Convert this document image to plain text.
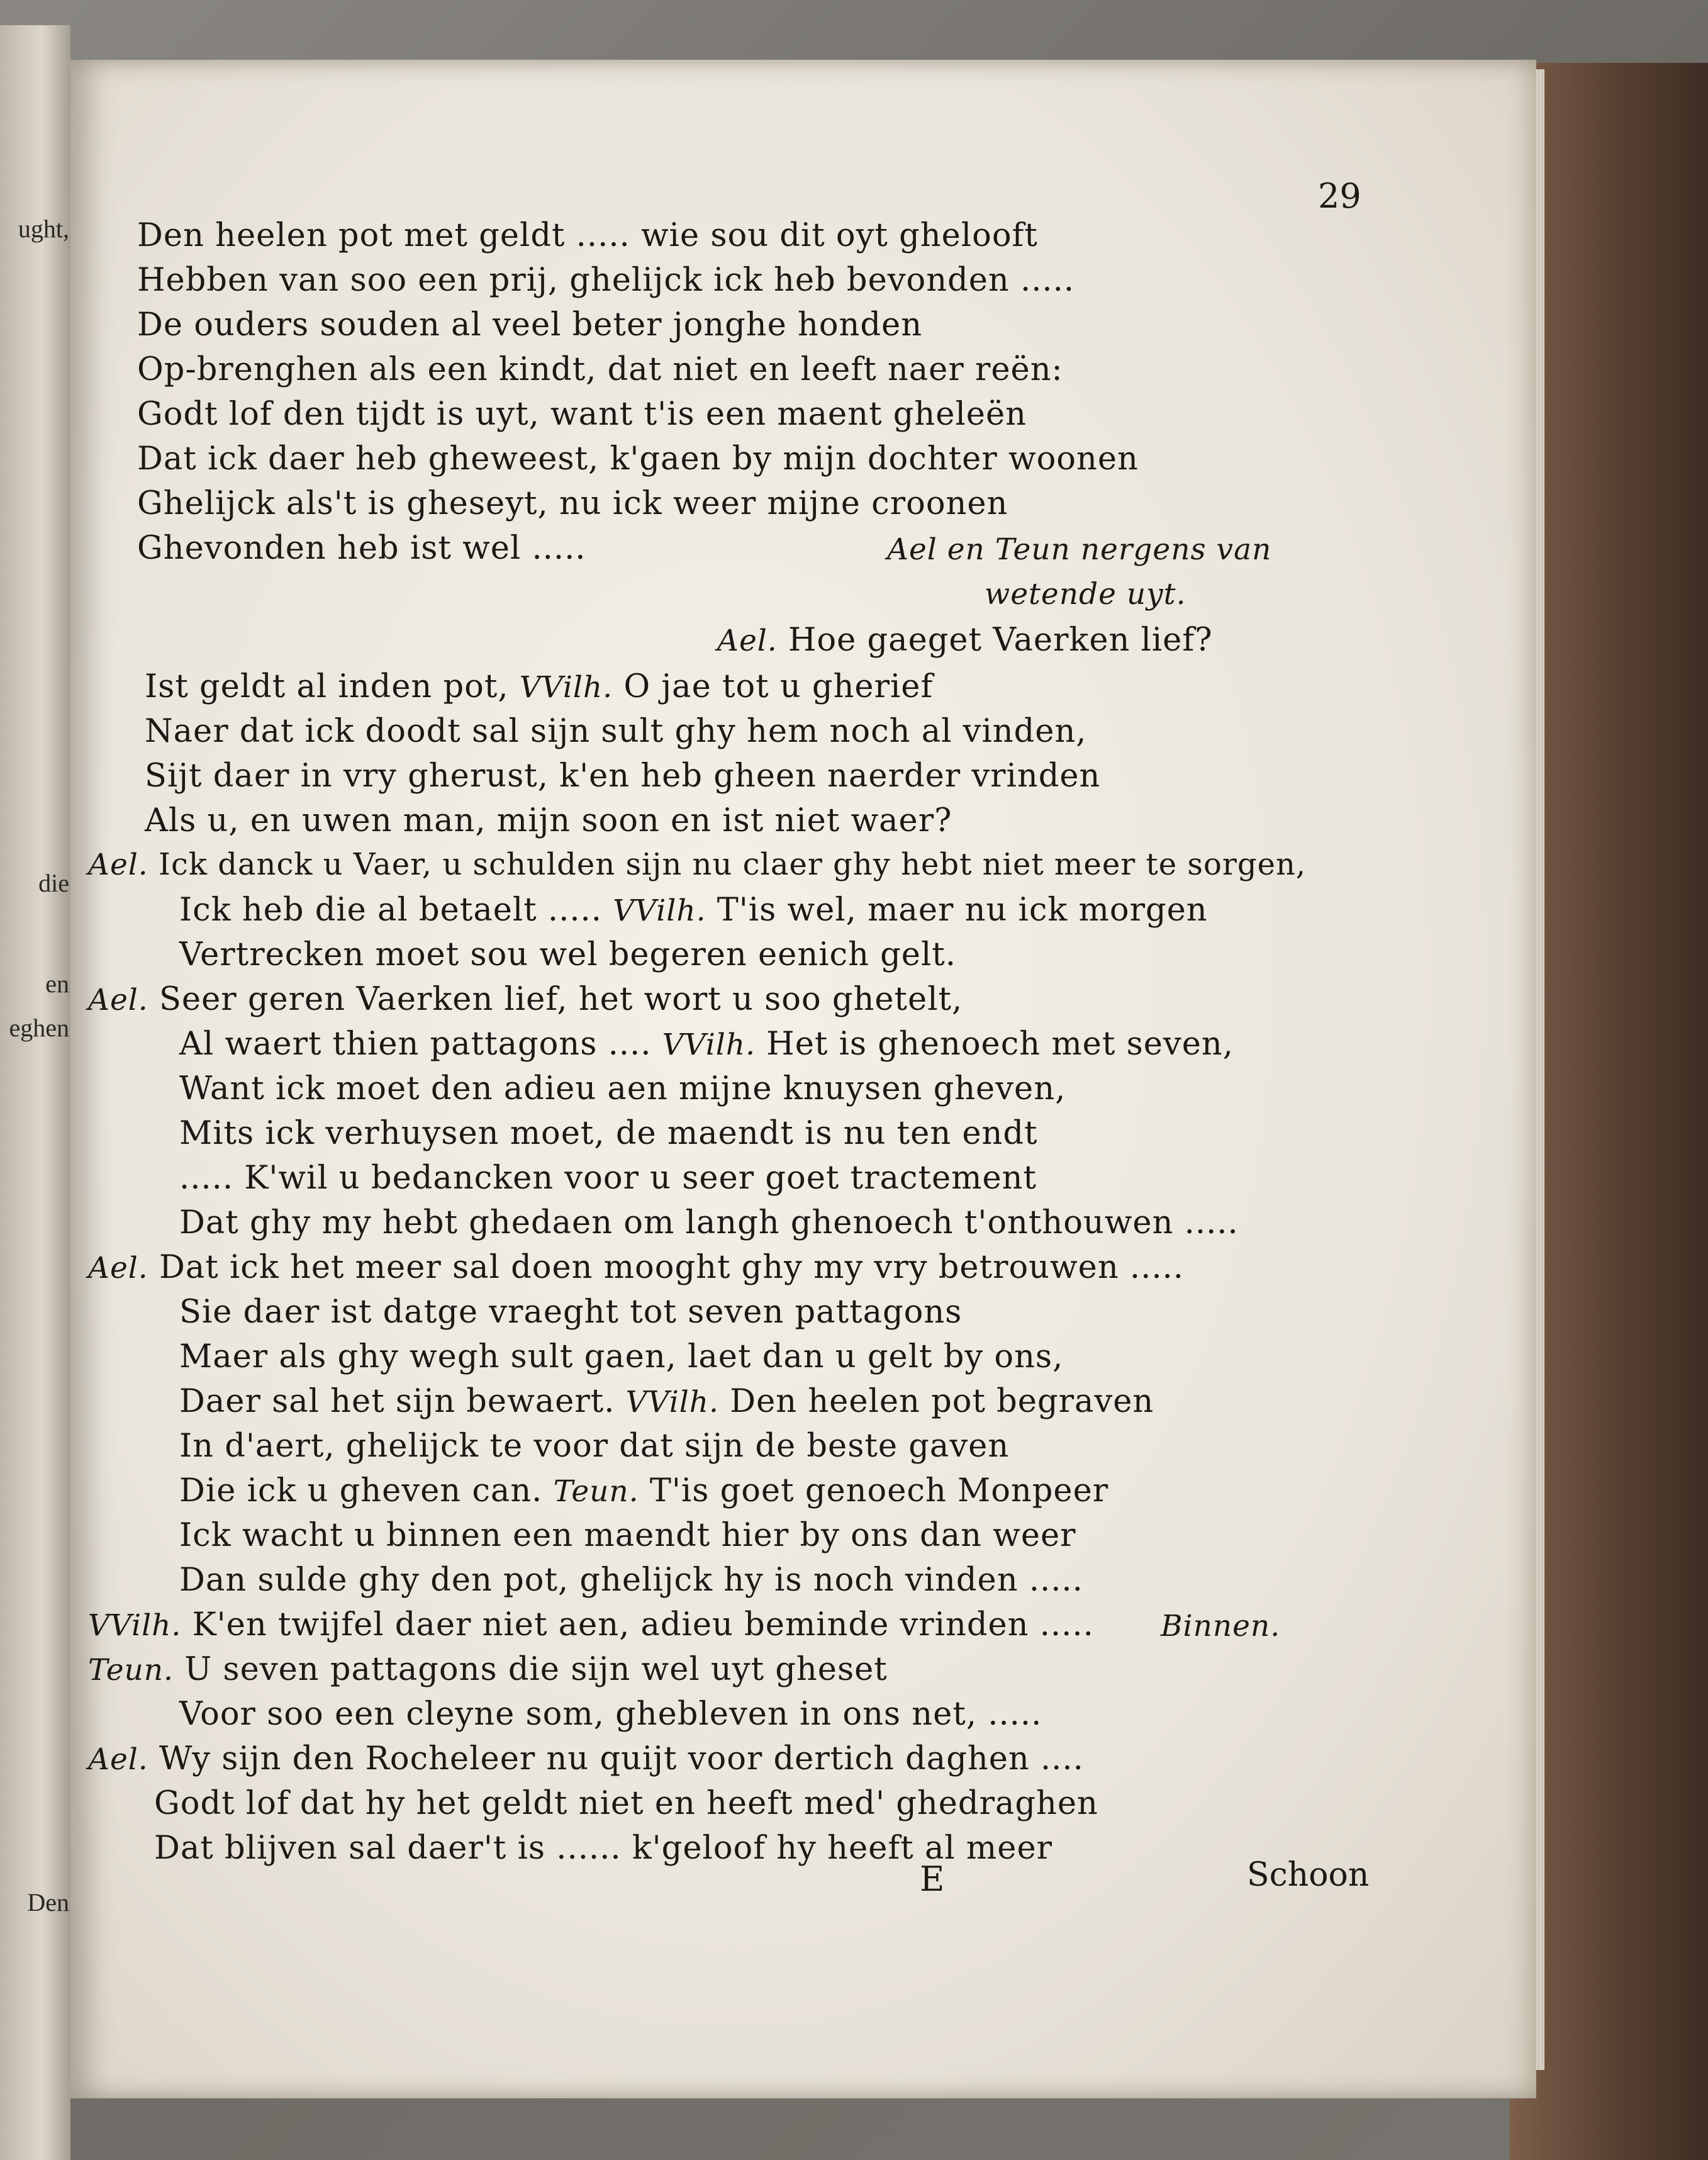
ught,
die
en
eghen
Den
29
Den heelen pot met geldt ..... wie sou dit oyt ghelooft
Hebben van soo een prij, ghelijck ick heb bevonden .....
De ouders souden al veel beter jonghe honden
Op-brenghen als een kindt, dat niet en leeft naer reën:
Godt lof den tijdt is uyt, want t'is een maent gheleën
Dat ick daer heb gheweest, k'gaen by mijn dochter woonen
Ghelijck als't is gheseyt, nu ick weer mijne croonen
Ghevonden heb ist wel .....	Ael en Teun nergens van
wetende uyt.
Ael. Hoe gaeget Vaerken lief?
Ist geldt al inden pot, VVilh. O jae tot u gherief
Naer dat ick doodt sal sijn sult ghy hem noch al vinden,
Sijt daer in vry gherust, k'en heb gheen naerder vrinden
Als u, en uwen man, mijn soon en ist niet waer?
Ael. Ick danck u Vaer, u schulden sijn nu claer ghy hebt niet meer te sorgen,
Ick heb die al betaelt ..... VVilh. T'is wel, maer nu ick morgen
Vertrecken moet sou wel begeren eenich gelt.
Ael. Seer geren Vaerken lief, het wort u soo ghetelt,
Al waert thien pattagons .... VVilh. Het is ghenoech met seven,
Want ick moet den adieu aen mijne knuysen gheven,
Mits ick verhuysen moet, de maendt is nu ten endt
..... K'wil u bedancken voor u seer goet tractement
Dat ghy my hebt ghedaen om langh ghenoech t'onthouwen .....
Ael. Dat ick het meer sal doen mooght ghy my vry betrouwen .....
Sie daer ist datge vraeght tot seven pattagons
Maer als ghy wegh sult gaen, laet dan u gelt by ons,
Daer sal het sijn bewaert. VVilh. Den heelen pot begraven
In d'aert, ghelijck te voor dat sijn de beste gaven
Die ick u gheven can. Teun. T'is goet genoech Monpeer
Ick wacht u binnen een maendt hier by ons dan weer
Dan sulde ghy den pot, ghelijck hy is noch vinden .....
VVilh. K'en twijfel daer niet aen, adieu beminde vrinden ..... Binnen.
Teun. U seven pattagons die sijn wel uyt gheset
Voor soo een cleyne som, ghebleven in ons net, .....
Ael. Wy sijn den Rocheleer nu quijt voor dertich daghen ....
Godt lof dat hy het geldt niet en heeft med' ghedraghen
Dat blijven sal daer't is ...... k'geloof hy heeft al meer
E	Schoon
